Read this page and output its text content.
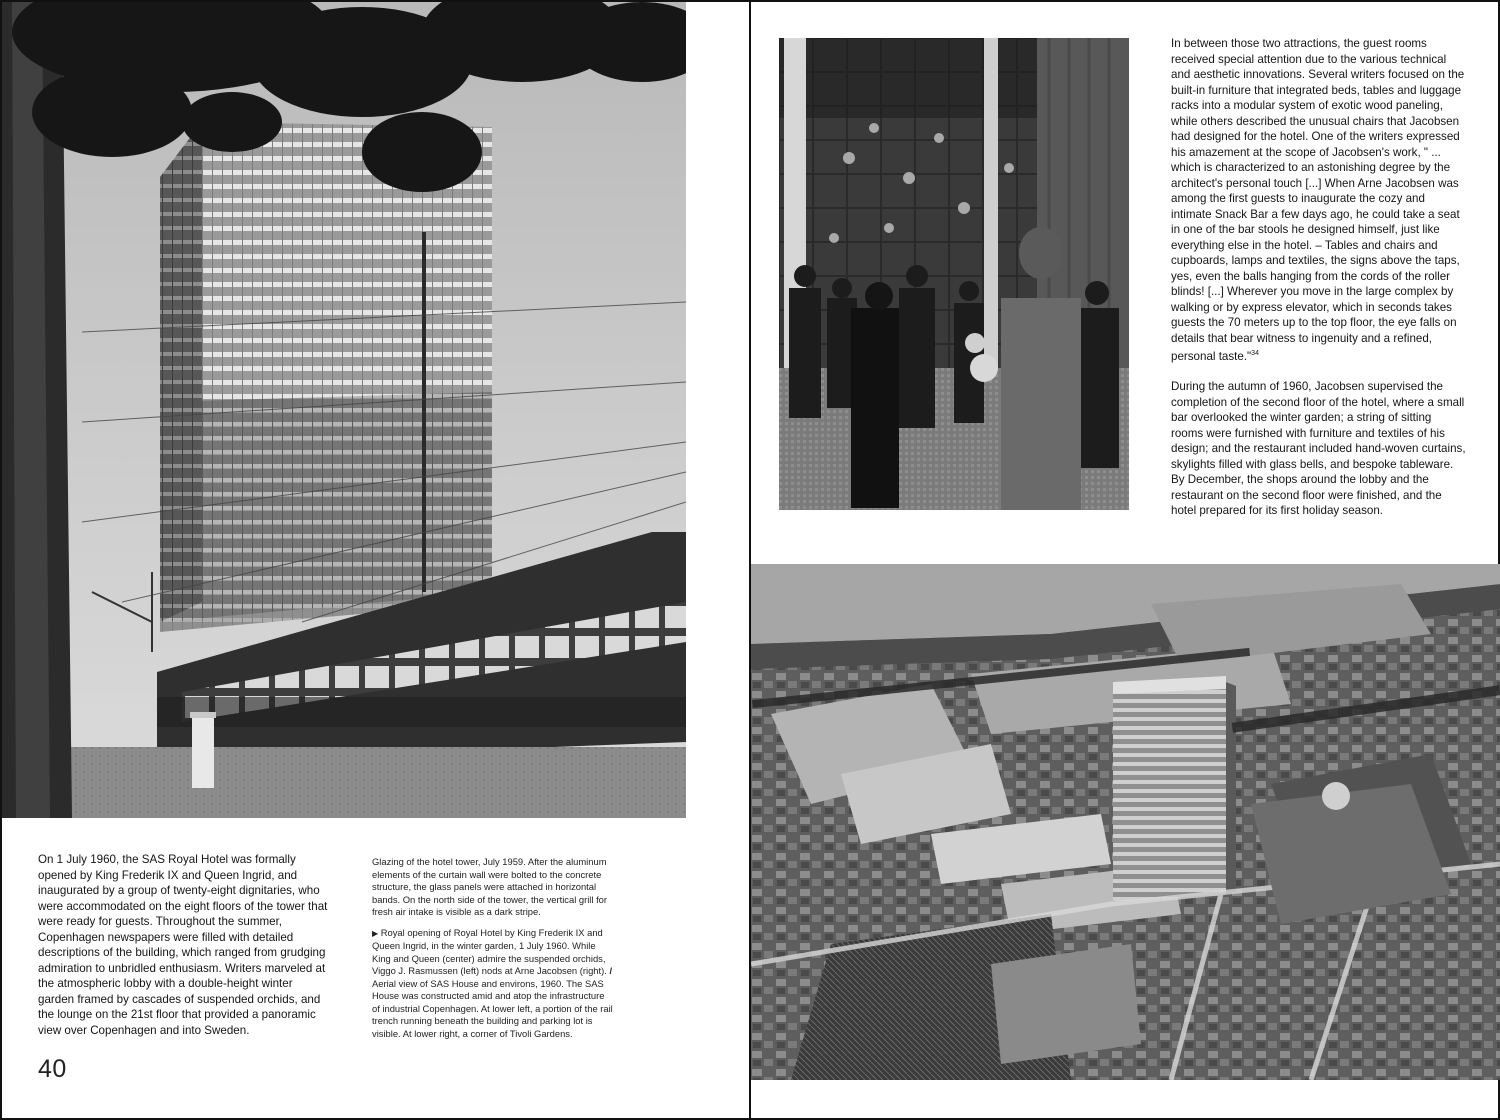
On 1 July 1960, the SAS Royal Hotel was formally opened by King Frederik IX and Queen Ingrid, and inaugurated by a group of twenty-eight dignitaries, who were accommodated on the eight floors of the tower that were ready for guests. Throughout the summer, Copenhagen newspapers were filled with detailed descriptions of the building, which ranged from grudging admiration to unbridled enthusiasm. Writers marveled at the atmospheric lobby with a double-height winter garden framed by cascades of suspended orchids, and the lounge on the 21st floor that provided a panoramic view over Copenhagen and into Sweden.

Glazing of the hotel tower, July 1959. After the aluminum elements of the curtain wall were bolted to the concrete structure, the glass panels were attached in horizontal bands. On the north side of the tower, the vertical grill for fresh air intake is visible as a dark stripe.

▶ Royal opening of Royal Hotel by King Frederik IX and Queen Ingrid, in the winter garden, 1 July 1960. While King and Queen (center) admire the suspended orchids, Viggo J. Rasmussen (left) nods at Arne Jacobsen (right). / Aerial view of SAS House and environs, 1960. The SAS House was constructed amid and atop the infrastructure of industrial Copenhagen. At lower left, a portion of the rail trench running beneath the building and parking lot is visible. At lower right, a corner of Tivoli Gardens.

40

In between those two attractions, the guest rooms received special attention due to the various technical and aesthetic innovations. Several writers focused on the built-in furniture that integrated beds, tables and luggage racks into a modular system of exotic wood paneling, while others described the unusual chairs that Jacobsen had designed for the hotel. One of the writers expressed his amazement at the scope of Jacobsen's work, " ... which is characterized to an astonishing degree by the architect's personal touch [...] When Arne Jacobsen was among the first guests to inaugurate the cozy and intimate Snack Bar a few days ago, he could take a seat in one of the bar stools he designed himself, just like everything else in the hotel. – Tables and chairs and cupboards, lamps and textiles, the signs above the taps, yes, even the balls hanging from the cords of the roller blinds! [...] Wherever you move in the large complex by walking or by express elevator, which in seconds takes guests the 70 meters up to the top floor, the eye falls on details that bear witness to ingenuity and a refined, personal taste."$^{34}$

During the autumn of 1960, Jacobsen supervised the completion of the second floor of the hotel, where a small bar overlooked the winter garden; a string of sitting rooms were furnished with furniture and textiles of his design; and the restaurant included hand-woven curtains, skylights filled with glass bells, and bespoke tableware. By December, the shops around the lobby and the restaurant on the second floor were finished, and the hotel prepared for its first holiday season.
